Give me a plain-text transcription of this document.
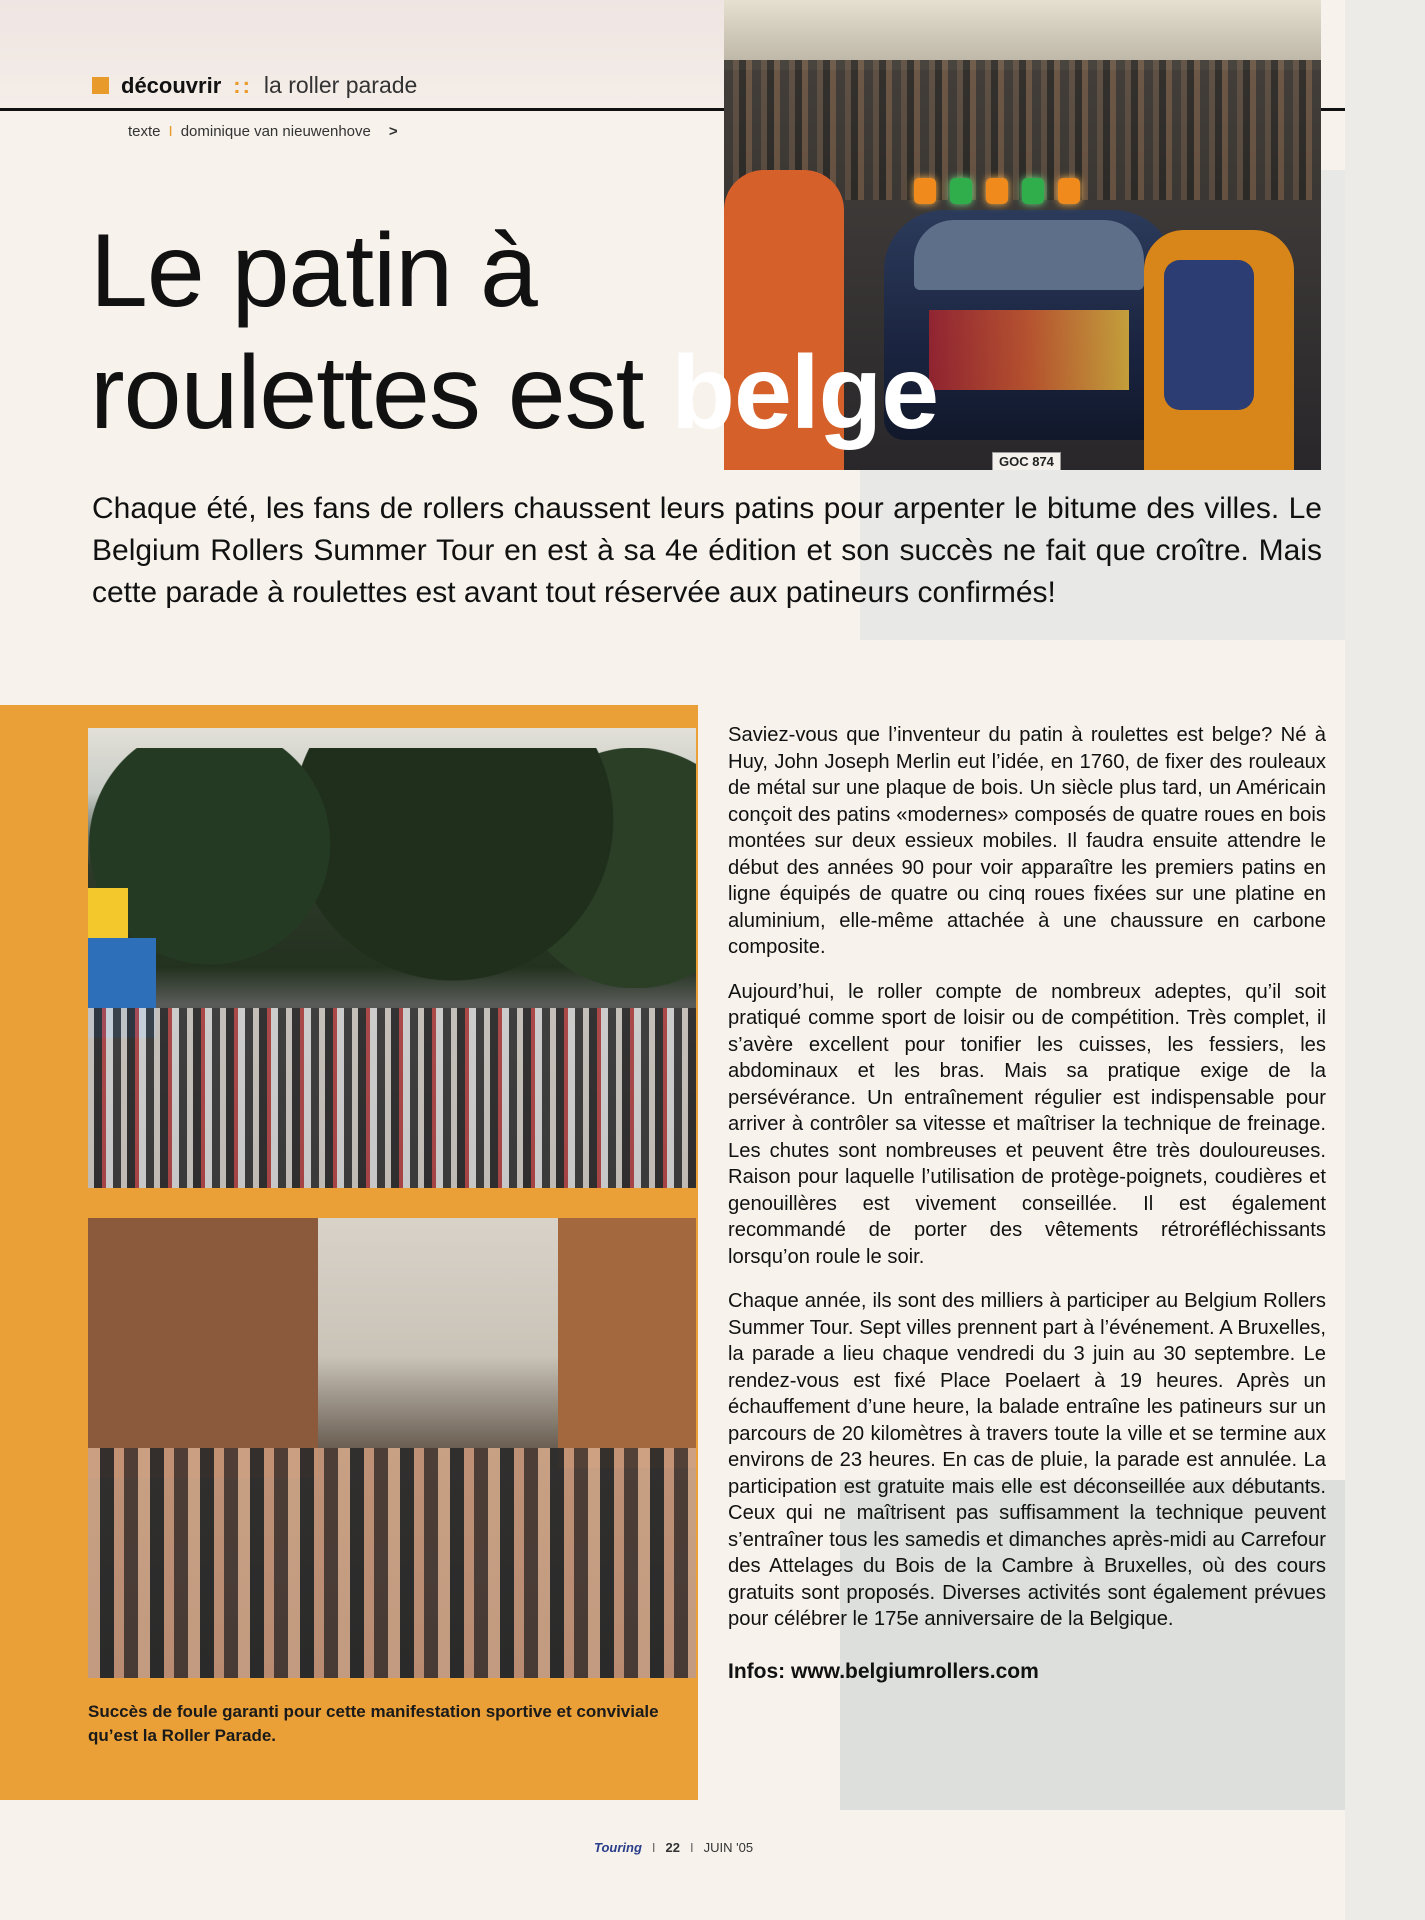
découvrir :: la roller parade
texte I dominique van nieuwenhove >
GOC 874
Le patin à
roulettes est belge

Chaque été, les fans de rollers chaussent leurs patins pour arpenter le bitume des villes. Le Belgium Rollers Summer Tour en est à sa 4e édition et son succès ne fait que croître. Mais cette parade à roulettes est avant tout réservée aux patineurs confirmés!

Succès de foule garanti pour cette manifestation sportive et conviviale qu’est la Roller Parade.

Saviez-vous que l’inventeur du patin à roulettes est belge? Né à Huy, John Joseph Merlin eut l’idée, en 1760, de fixer des rouleaux de métal sur une plaque de bois. Un siècle plus tard, un Américain conçoit des patins «modernes» composés de quatre roues en bois montées sur deux essieux mobiles. Il faudra ensuite attendre le début des années 90 pour voir apparaître les premiers patins en ligne équipés de quatre ou cinq roues fixées sur une platine en aluminium, elle-même attachée à une chaussure en carbone composite.

Aujourd’hui, le roller compte de nombreux adeptes, qu’il soit pratiqué comme sport de loisir ou de compétition. Très complet, il s’avère excellent pour tonifier les cuisses, les fessiers, les abdominaux et les bras. Mais sa pratique exige de la persévérance. Un entraînement régulier est indispensable pour arriver à contrôler sa vitesse et maîtriser la technique de freinage. Les chutes sont nombreuses et peuvent être très douloureuses. Raison pour laquelle l’utilisation de protège-poignets, coudières et genouillères est vivement conseillée. Il est également recommandé de porter des vêtements rétroréfléchissants lorsqu’on roule le soir.

Chaque année, ils sont des milliers à participer au Belgium Rollers Summer Tour. Sept villes prennent part à l’événement. A Bruxelles, la parade a lieu chaque vendredi du 3 juin au 30 septembre. Le rendez-vous est fixé Place Poelaert à 19 heures. Après un échauffement d’une heure, la balade entraîne les patineurs sur un parcours de 20 kilomètres à travers toute la ville et se termine aux environs de 23 heures. En cas de pluie, la parade est annulée. La participation est gratuite mais elle est déconseillée aux débutants. Ceux qui ne maîtrisent pas suffisamment la technique peuvent s’entraîner tous les samedis et dimanches après-midi au Carrefour des Attelages du Bois de la Cambre à Bruxelles, où des cours gratuits sont proposés. Diverses activités sont également prévues pour célébrer le 175e anniversaire de la Belgique.

Infos: www.belgiumrollers.com

Touring I 22 I JUIN '05
